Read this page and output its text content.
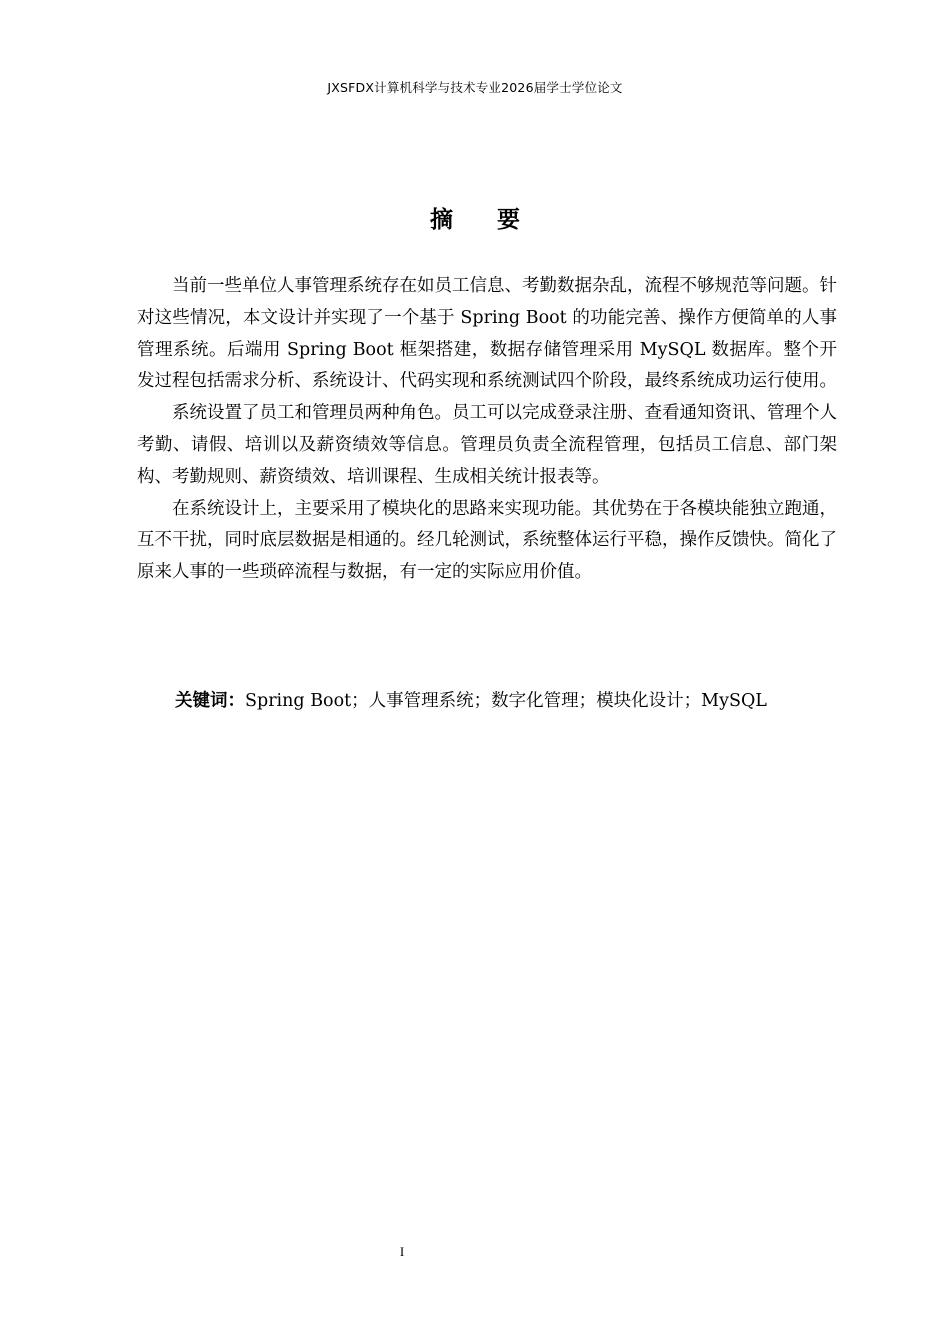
JXSFDX计算机科学与技术专业2026届学士学位论文
摘 要

当前一些单位人事管理系统存在如员工信息、考勤数据杂乱，流程不够规范等问题。针对这些情况，本文设计并实现了一个基于 Spring Boot 的功能完善、操作方便简单的人事管理系统。后端用 Spring Boot 框架搭建，数据存储管理采用 MySQL 数据库。整个开发过程包括需求分析、系统设计、代码实现和系统测试四个阶段，最终系统成功运行使用。

系统设置了员工和管理员两种角色。员工可以完成登录注册、查看通知资讯、管理个人考勤、请假、培训以及薪资绩效等信息。管理员负责全流程管理，包括员工信息、部门架构、考勤规则、薪资绩效、培训课程、生成相关统计报表等。

在系统设计上，主要采用了模块化的思路来实现功能。其优势在于各模块能独立跑通，互不干扰，同时底层数据是相通的。经几轮测试，系统整体运行平稳，操作反馈快。简化了原来人事的一些琐碎流程与数据，有一定的实际应用价值。

关键词：Spring Boot；人事管理系统；数字化管理；模块化设计；MySQL
I
